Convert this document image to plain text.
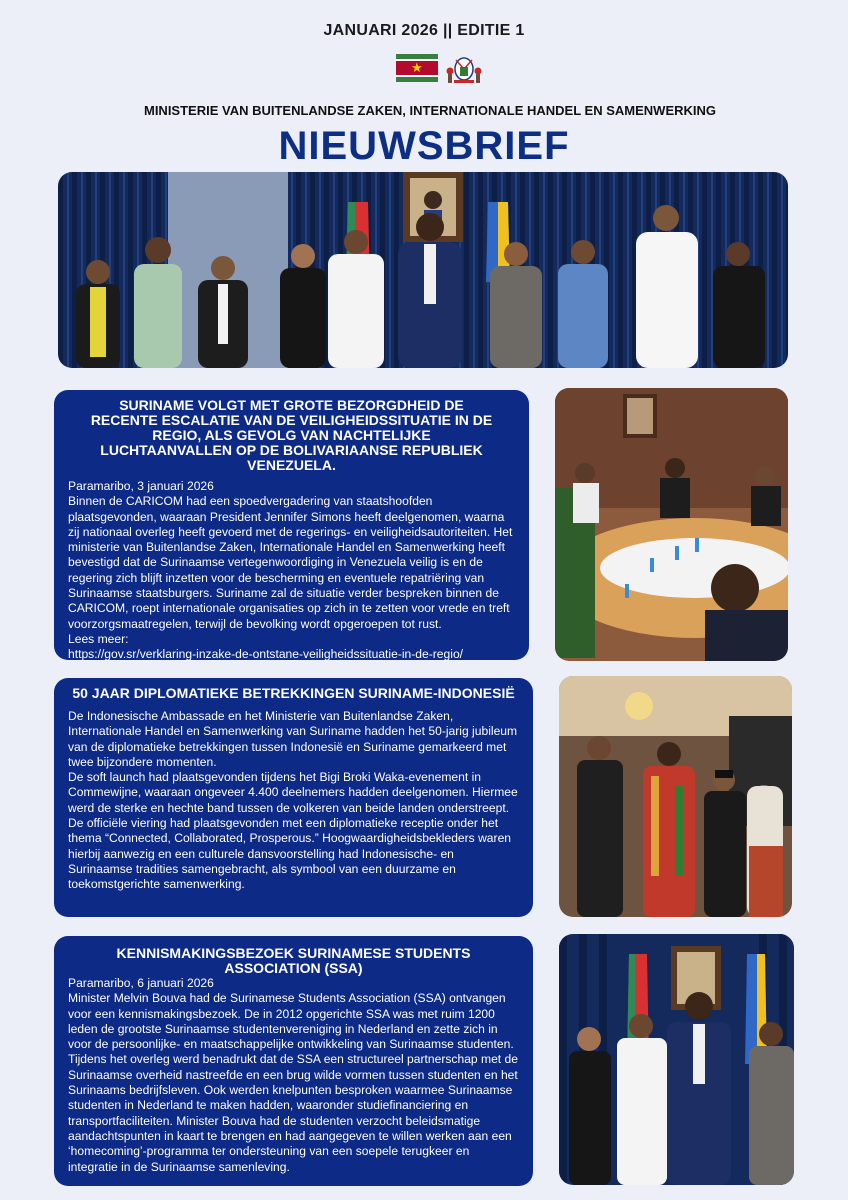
JANUARI 2026 || EDITIE 1
★
MINISTERIE VAN BUITENLANDSE ZAKEN, INTERNATIONALE HANDEL EN SAMENWERKING
NIEUWSBRIEF
SURINAME VOLGT MET GROTE BEZORGDHEID DE RECENTE ESCALATIE VAN DE VEILIGHEIDSSITUATIE IN DE REGIO, ALS GEVOLG VAN NACHTELIJKE LUCHTAANVALLEN OP DE BOLIVARIAANSE REPUBLIEK VENEZUELA.

Paramaribo, 3 januari 2026

Binnen de CARICOM had een spoedvergadering van staatshoofden plaatsgevonden, waaraan President Jennifer Simons heeft deelgenomen, waarna zij nationaal overleg heeft gevoerd met de regerings- en veiligheidsautoriteiten. Het ministerie van Buitenlandse Zaken, Internationale Handel en Samenwerking heeft bevestigd dat de Surinaamse vertegenwoordiging in Venezuela veilig is en de regering zich blijft inzetten voor de bescherming en eventuele repatriëring van Surinaamse staatsburgers. Suriname zal de situatie verder bespreken binnen de CARICOM, roept internationale organisaties op zich in te zetten voor vrede en treft voorzorgsmaatregelen, terwijl de bevolking wordt opgeroepen tot rust.

Lees meer:

https://gov.sr/verklaring-inzake-de-ontstane-veiligheidssituatie-in-de-regio/

50 JAAR DIPLOMATIEKE BETREKKINGEN SURINAME-INDONESIË

De Indonesische Ambassade en het Ministerie van Buitenlandse Zaken, Internationale Handel en Samenwerking van Suriname hadden het 50-jarig jubileum van de diplomatieke betrekkingen tussen Indonesië en Suriname gemarkeerd met twee bijzondere momenten.

De soft launch had plaatsgevonden tijdens het Bigi Broki Waka-evenement in Commewijne, waaraan ongeveer 4.400 deelnemers hadden deelgenomen. Hiermee werd de sterke en hechte band tussen de volkeren van beide landen onderstreept. De officiële viering had plaatsgevonden met een diplomatieke receptie onder het thema “Connected, Collaborated, Prosperous.” Hoogwaardigheidsbekleders waren hierbij aanwezig en een culturele dansvoorstelling had Indonesische- en Surinaamse tradities samengebracht, als symbool van een duurzame en toekomstgerichte samenwerking.

KENNISMAKINGSBEZOEK SURINAMESE STUDENTS ASSOCIATION (SSA)

Paramaribo, 6 januari 2026

Minister Melvin Bouva had de Surinamese Students Association (SSA) ontvangen voor een kennismakingsbezoek. De in 2012 opgerichte SSA was met ruim 1200 leden de grootste Surinaamse studentenvereniging in Nederland en zette zich in voor de persoonlijke- en maatschappelijke ontwikkeling van Surinaamse studenten. Tijdens het overleg werd benadrukt dat de SSA een structureel partnerschap met de Surinaamse overheid nastreefde en een brug wilde vormen tussen studenten en het Surinaams bedrijfsleven. Ook werden knelpunten besproken waarmee Surinaamse studenten in Nederland te maken hadden, waaronder studiefinanciering en transportfaciliteiten. Minister Bouva had de studenten verzocht beleidsmatige aandachtspunten in kaart te brengen en had aangegeven te willen werken aan een ‘homecoming’-programma ter ondersteuning van een soepele terugkeer en integratie in de Surinaamse samenleving.
